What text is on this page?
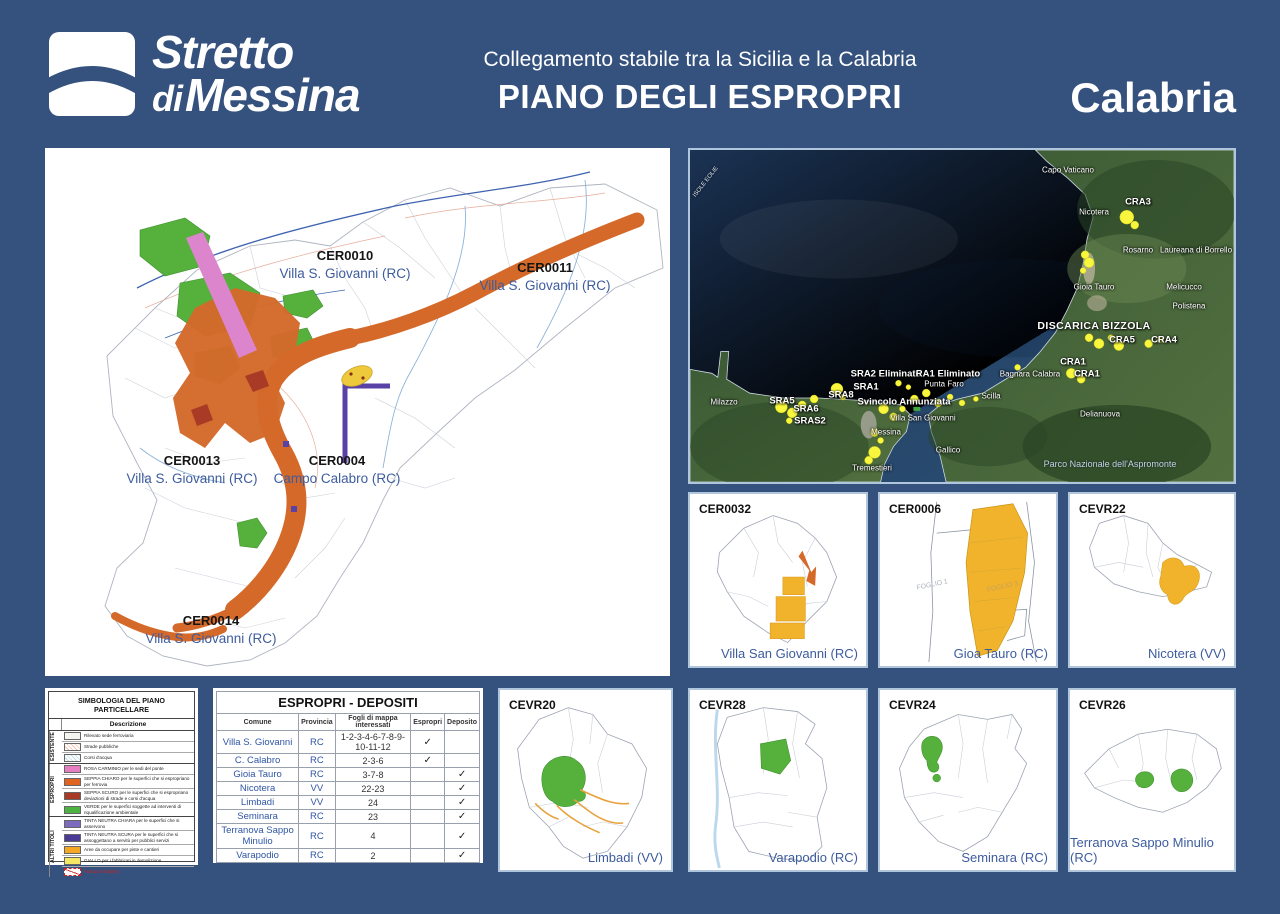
Stretto
diMessina
Collegamento stabile tra la Sicilia e la Calabria
PIANO DEGLI ESPROPRI	Calabria
CER0010
Villa S. Giovanni (RC)	CER0011
Villa S. Giovanni (RC)
CER0013
Villa S. Giovanni (RC)
CER0004
Campo Calabro (RC)
CER0014
Villa S. Giovanni (RC)
ISOLE EOLIE	Capo Vaticano
CRA3
Nicotera
Rosarno Laureana di Borrello
Melicucco
Polistena
Gioia Tauro
DISCARICA BIZZOLA
CRA5 CRA4
CRA1
CRA1
Bagnara Calabra
SRA2 Eliminato
RA1 Eliminato
SRA1	Punta Faro
Scilla
Svincolo Annunziata
Villa San Giovanni
Messina
Milazzo	SRA5
SRA6
SRA8
SRAS2
Tremestieri
Gallico
Delianuova
Parco Nazionale dell'Aspromonte
CER0032
Villa San Giovanni (RC)
CER0006
FOGLIO 1	FOGLIO 3
Gioa Tauro (RC)
CEVR22
Nicotera (VV)
SIMBOLOGIA DEL PIANO PARTICELLARE
Descrizione
ESISTENTE	Rilevato sede ferroviaria
Strade pubbliche
Corsi d'acqua
ESPROPRI
ROSA CARMINIO per le sedi del ponte
SEPPIA CHIARO per le superfici che si espropriano per ferrovia
SEPPIA SCURO per le superfici che si espropriano deviazioni di strade e corsi d'acqua
VERDE per le superfici soggette ad interventi di riqualificazione ambientale
ALTRI TITOLI
TINTA NEUTRA CHIARA per le superfici che si asservono
TINTA NEUTRA SCURA per le superfici che si assoggettano a servitù per pubblici servizi
Aree da occupare per piste e cantieri
GIALLO per i fabbricati in demolizione
Fascia di rispetto
ESPROPRI - DEPOSITI				
Comune	Provincia	Fogli di mappa interessati	Espropri	Deposito
Villa S. Giovanni	RC	1-2-3-4-6-7-8-9-10-11-12	✓	
C. Calabro	RC	2-3-6	✓	
Gioia Tauro	RC	3-7-8		✓
Nicotera	VV	22-23		✓
Limbadi	VV	24		✓
Seminara	RC	23		✓
Terranova Sappo Minulio	RC	4		✓
Varapodio	RC	2		✓
CEVR20
Limbadi (VV)
CEVR28
Varapodio (RC)
CEVR24
Seminara (RC)
CEVR26
Terranova Sappo Minulio (RC)
